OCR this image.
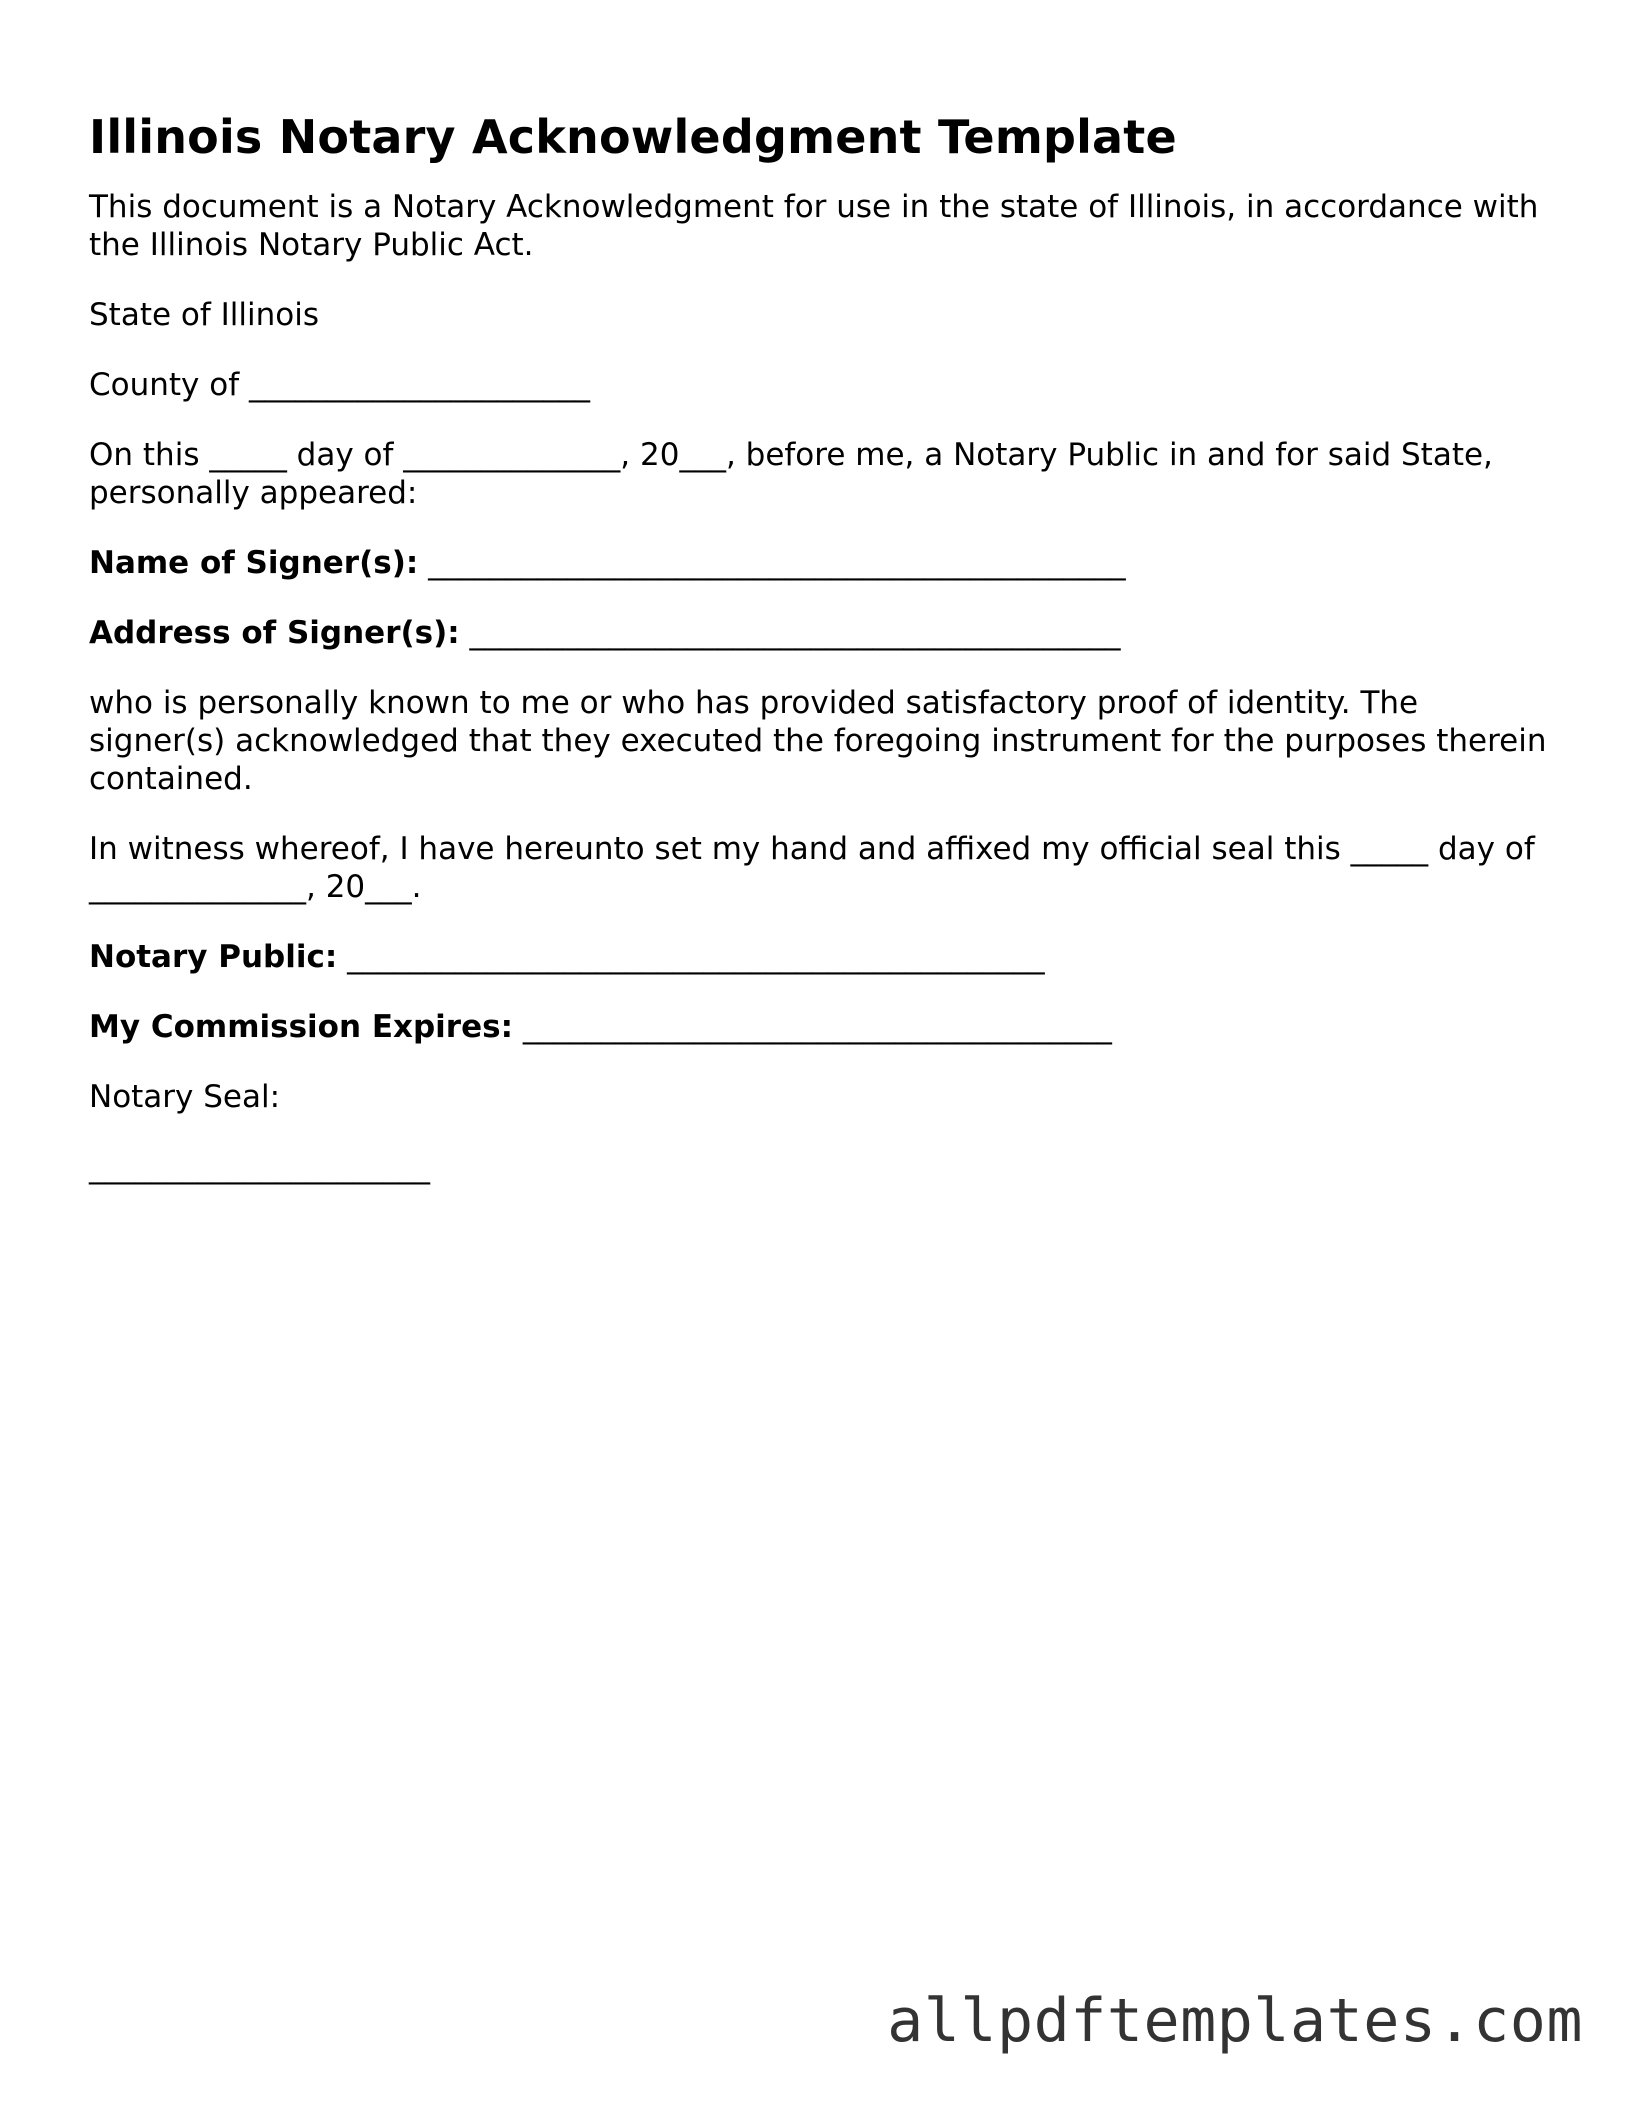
Illinois Notary Acknowledgment Template

This document is a Notary Acknowledgment for use in the state of Illinois, in accordance with the Illinois Notary Public Act.

State of Illinois

County of ______________________

On this _____ day of ______________, 20___, before me, a Notary Public in and for said State, personally appeared:

Name of Signer(s): _____________________________________________

Address of Signer(s): __________________________________________

who is personally known to me or who has provided satisfactory proof of identity. The signer(s) acknowledged that they executed the foregoing instrument for the purposes therein contained.

In witness whereof, I have hereunto set my hand and affixed my official seal this _____ day of ______________, 20___.

Notary Public: _____________________________________________

My Commission Expires: ______________________________________

Notary Seal:

______________________

allpdftemplates.com
